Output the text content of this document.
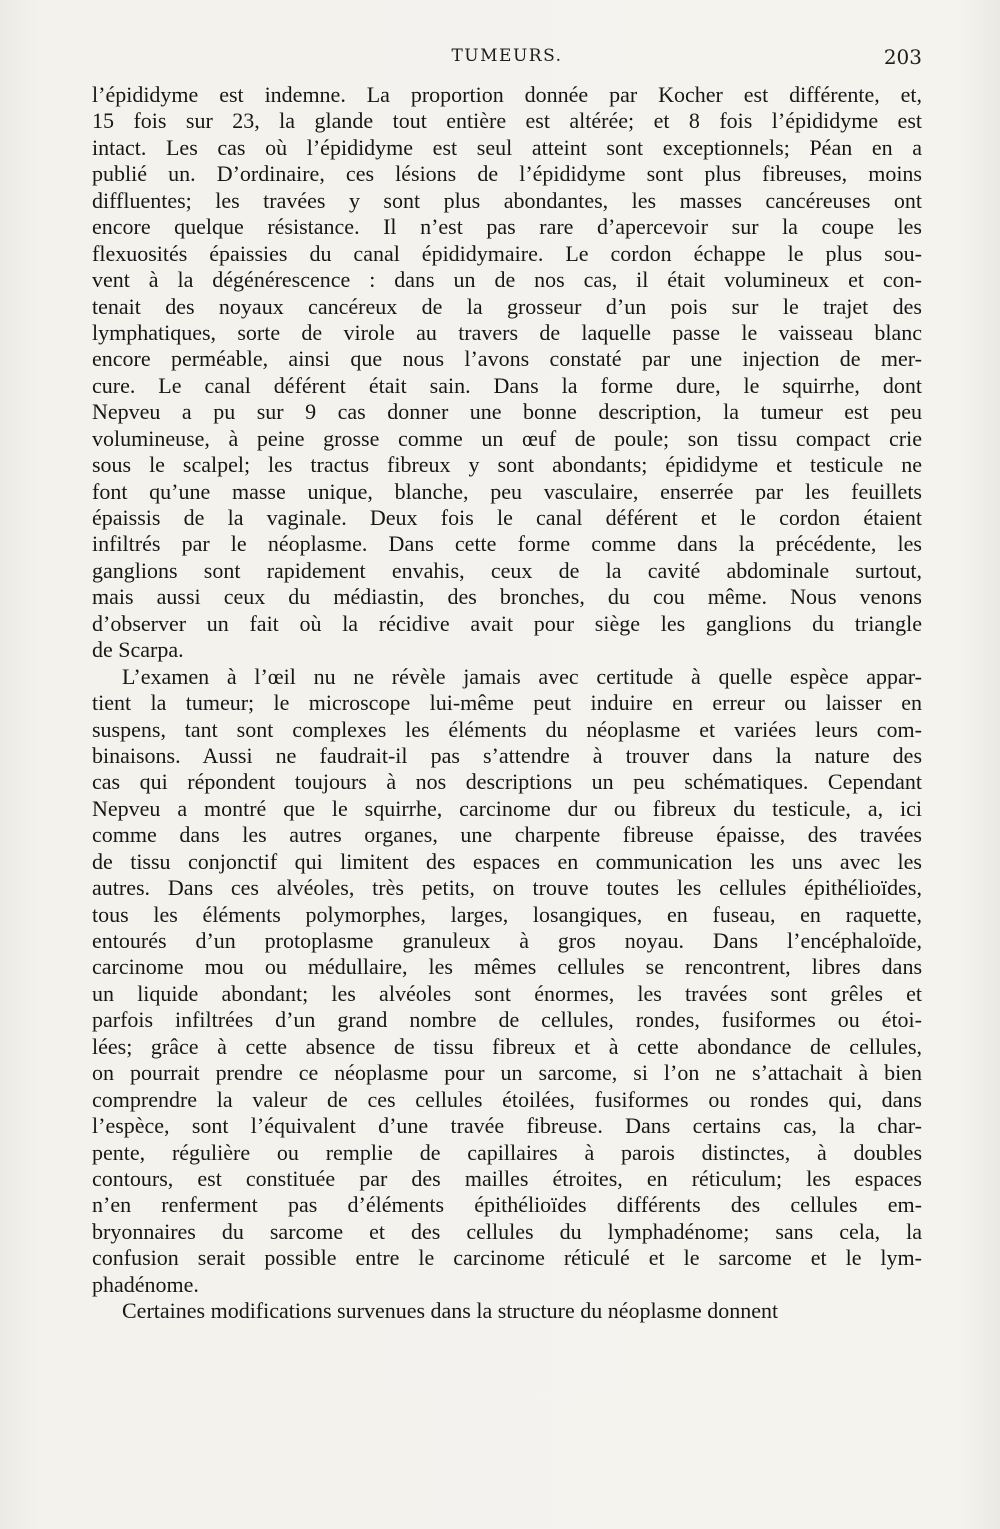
TUMEURS.	203
l’épididyme est indemne. La proportion donnée par Kocher est différente, et,
15 fois sur 23, la glande tout entière est altérée; et 8 fois l’épididyme est
intact. Les cas où l’épididyme est seul atteint sont exceptionnels; Péan en a
publié un. D’ordinaire, ces lésions de l’épididyme sont plus fibreuses, moins
diffluentes; les travées y sont plus abondantes, les masses cancéreuses ont
encore quelque résistance. Il n’est pas rare d’apercevoir sur la coupe les
flexuosités épaissies du canal épididymaire. Le cordon échappe le plus sou-
vent à la dégénérescence : dans un de nos cas, il était volumineux et con-
tenait des noyaux cancéreux de la grosseur d’un pois sur le trajet des
lymphatiques, sorte de virole au travers de laquelle passe le vaisseau blanc
encore perméable, ainsi que nous l’avons constaté par une injection de mer-
cure. Le canal déférent était sain. Dans la forme dure, le squirrhe, dont
Nepveu a pu sur 9 cas donner une bonne description, la tumeur est peu
volumineuse, à peine grosse comme un œuf de poule; son tissu compact crie
sous le scalpel; les tractus fibreux y sont abondants; épididyme et testicule ne
font qu’une masse unique, blanche, peu vasculaire, enserrée par les feuillets
épaissis de la vaginale. Deux fois le canal déférent et le cordon étaient
infiltrés par le néoplasme. Dans cette forme comme dans la précédente, les
ganglions sont rapidement envahis, ceux de la cavité abdominale surtout,
mais aussi ceux du médiastin, des bronches, du cou même. Nous venons
d’observer un fait où la récidive avait pour siège les ganglions du triangle
de Scarpa.
L’examen à l’œil nu ne révèle jamais avec certitude à quelle espèce appar-
tient la tumeur; le microscope lui-même peut induire en erreur ou laisser en
suspens, tant sont complexes les éléments du néoplasme et variées leurs com-
binaisons. Aussi ne faudrait-il pas s’attendre à trouver dans la nature des
cas qui répondent toujours à nos descriptions un peu schématiques. Cependant
Nepveu a montré que le squirrhe, carcinome dur ou fibreux du testicule, a, ici
comme dans les autres organes, une charpente fibreuse épaisse, des travées
de tissu conjonctif qui limitent des espaces en communication les uns avec les
autres. Dans ces alvéoles, très petits, on trouve toutes les cellules épithélioïdes,
tous les éléments polymorphes, larges, losangiques, en fuseau, en raquette,
entourés d’un protoplasme granuleux à gros noyau. Dans l’encéphaloïde,
carcinome mou ou médullaire, les mêmes cellules se rencontrent, libres dans
un liquide abondant; les alvéoles sont énormes, les travées sont grêles et
parfois infiltrées d’un grand nombre de cellules, rondes, fusiformes ou étoi-
lées; grâce à cette absence de tissu fibreux et à cette abondance de cellules,
on pourrait prendre ce néoplasme pour un sarcome, si l’on ne s’attachait à bien
comprendre la valeur de ces cellules étoilées, fusiformes ou rondes qui, dans
l’espèce, sont l’équivalent d’une travée fibreuse. Dans certains cas, la char-
pente, régulière ou remplie de capillaires à parois distinctes, à doubles
contours, est constituée par des mailles étroites, en réticulum; les espaces
n’en renferment pas d’éléments épithélioïdes différents des cellules em-
bryonnaires du sarcome et des cellules du lymphadénome; sans cela, la
confusion serait possible entre le carcinome réticulé et le sarcome et le lym-
phadénome.
Certaines modifications survenues dans la structure du néoplasme donnent
